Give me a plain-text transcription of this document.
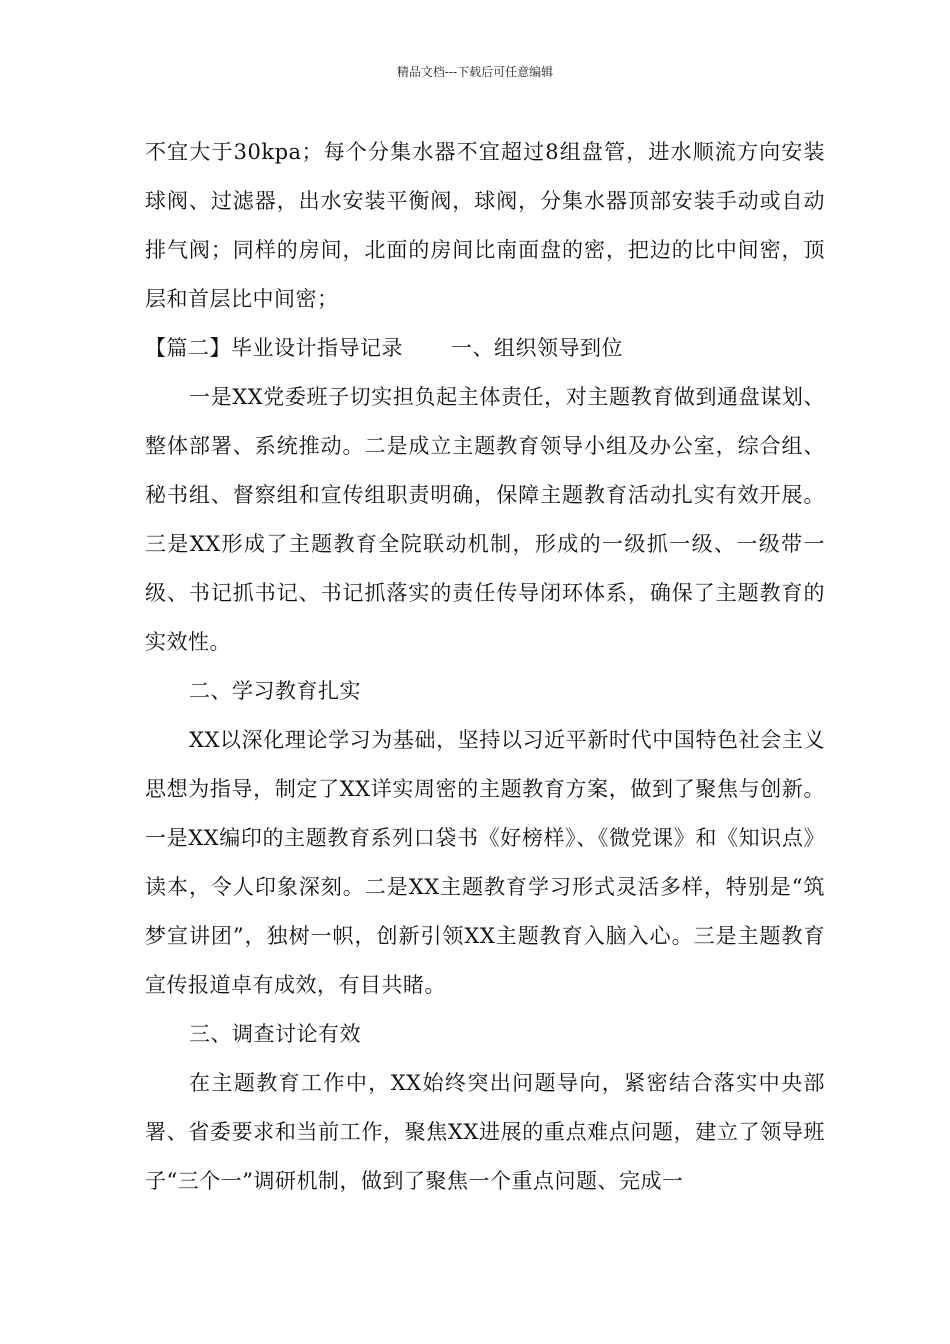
精品文档---下载后可任意编辑

不宜大于30kpa；每个分集水器不宜超过8组盘管，进水顺流方向安装球阀、过滤器，出水安装平衡阀，球阀，分集水器顶部安装手动或自动排气阀；同样的房间，北面的房间比南面盘的密，把边的比中间密，顶层和首层比中间密；

【篇二】毕业设计指导记录 一、组织领导到位

一是XX党委班子切实担负起主体责任，对主题教育做到通盘谋划、整体部署、系统推动。二是成立主题教育领导小组及办公室，综合组、秘书组、督察组和宣传组职责明确，保障主题教育活动扎实有效开展。三是XX形成了主题教育全院联动机制，形成的一级抓一级、一级带一级、书记抓书记、书记抓落实的责任传导闭环体系，确保了主题教育的实效性。

二、学习教育扎实

XX以深化理论学习为基础，坚持以习近平新时代中国特色社会主义思想为指导，制定了XX详实周密的主题教育方案，做到了聚焦与创新。一是XX编印的主题教育系列口袋书《好榜样》、《微党课》和《知识点》读本，令人印象深刻。二是XX主题教育学习形式灵活多样，特别是“筑梦宣讲团”，独树一帜，创新引领XX主题教育入脑入心。三是主题教育宣传报道卓有成效，有目共睹。

三、调查讨论有效

在主题教育工作中，XX始终突出问题导向，紧密结合落实中央部署、省委要求和当前工作，聚焦XX进展的重点难点问题，建立了领导班子“三个一”调研机制，做到了聚焦一个重点问题、完成一
